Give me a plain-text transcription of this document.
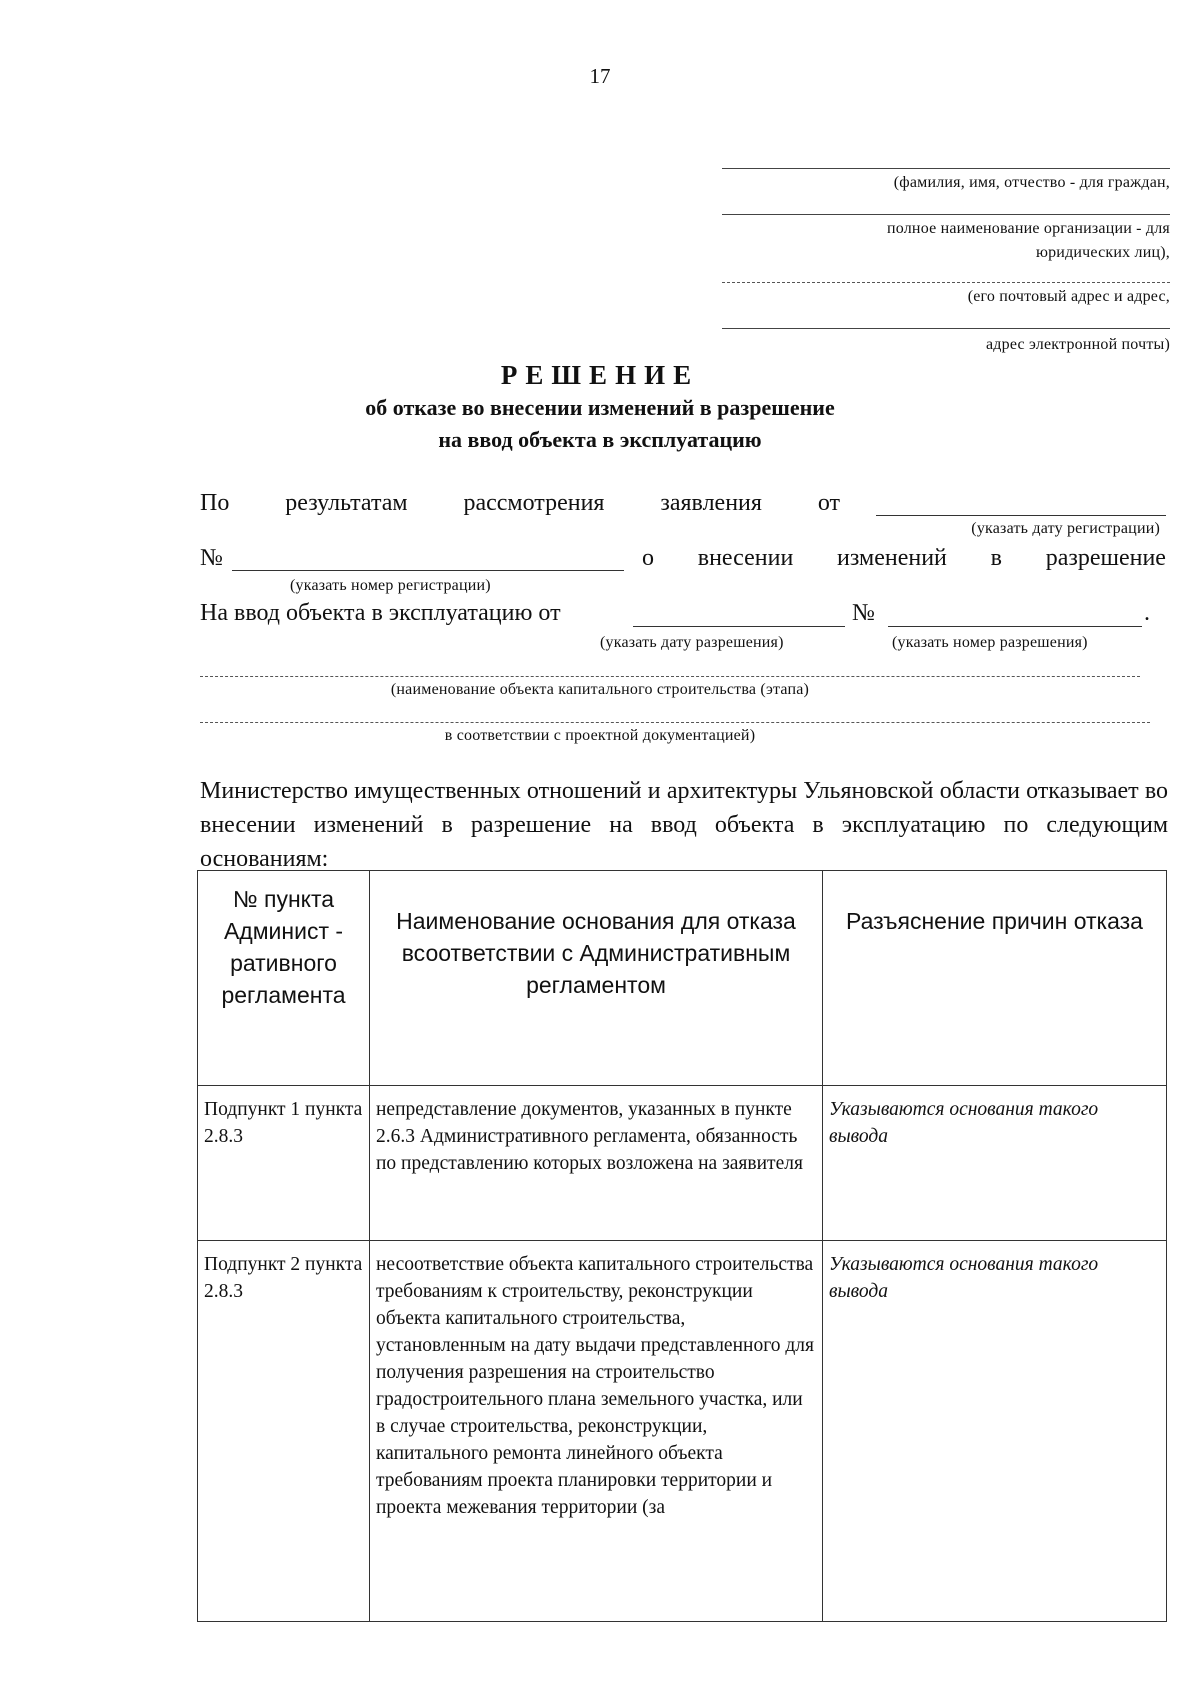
17
(фамилия, имя, отчество - для граждан,
полное наименование организации - для
юридических лиц),
(его почтовый адрес и адрес,
адрес электронной почты)
РЕШЕНИЕ
об отказе во внесении изменений в разрешение
на ввод объекта в эксплуатацию
По результатам рассмотрения заявления от
(указать дату регистрации)
№	о внесении изменений в разрешение
(указать номер регистрации)
На ввод объекта в эксплуатацию от	№	.
(указать дату разрешения)	(указать номер разрешения)
(наименование объекта капитального строительства (этапа)
в соответствии с проектной документацией)
Министерство имущественных отношений и архитектуры Ульяновской области отказывает во внесении изменений в разрешение на ввод объекта в эксплуатацию по следующим основаниям:
№ пункта Админист - ративного регламента	Наименование основания для отказа всоответствии с Административным регламентом	Разъяснение причин отказа
Подпункт 1 пункта 2.8.3	непредставление документов, указанных в пункте 2.6.3 Административного регламента, обязанность по представлению которых возложена на заявителя	Указываются основания такого вывода
Подпункт 2 пункта 2.8.3	несоответствие объекта капитального строительства требованиям к строительству, реконструкции объекта капитального строительства, установленным на дату выдачи представленного для получения разрешения на строительство градостроительного плана земельного участка, или в случае строительства, реконструкции, капитального ремонта линейного объекта требованиям проекта планировки территории и проекта межевания территории (за	Указываются основания такого вывода
